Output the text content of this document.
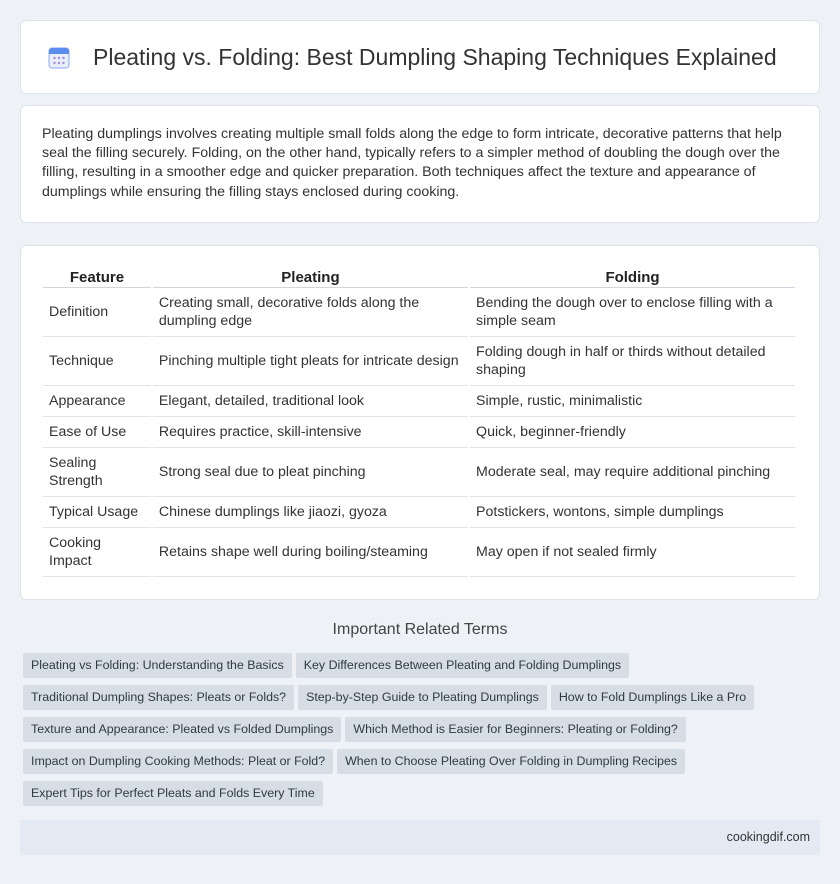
Pleating vs. Folding: Best Dumpling Shaping Techniques Explained

Pleating dumplings involves creating multiple small folds along the edge to form intricate, decorative patterns that help seal the filling securely. Folding, on the other hand, typically refers to a simpler method of doubling the dough over the filling, resulting in a smoother edge and quicker preparation. Both techniques affect the texture and appearance of dumplings while ensuring the filling stays enclosed during cooking.

Feature	Pleating	Folding
Definition	Creating small, decorative folds along the dumpling edge	Bending the dough over to enclose filling with a simple seam
Technique	Pinching multiple tight pleats for intricate design	Folding dough in half or thirds without detailed shaping
Appearance	Elegant, detailed, traditional look	Simple, rustic, minimalistic
Ease of Use	Requires practice, skill-intensive	Quick, beginner-friendly
Sealing Strength	Strong seal due to pleat pinching	Moderate seal, may require additional pinching
Typical Usage	Chinese dumplings like jiaozi, gyoza	Potstickers, wontons, simple dumplings
Cooking Impact	Retains shape well during boiling/steaming	May open if not sealed firmly
Important Related Terms
Pleating vs Folding: Understanding the Basics Key Differences Between Pleating and Folding Dumplings
Traditional Dumpling Shapes: Pleats or Folds? Step-by-Step Guide to Pleating Dumplings How to Fold Dumplings Like a Pro
Texture and Appearance: Pleated vs Folded Dumplings Which Method is Easier for Beginners: Pleating or Folding?
Impact on Dumpling Cooking Methods: Pleat or Fold? When to Choose Pleating Over Folding in Dumpling Recipes
Expert Tips for Perfect Pleats and Folds Every Time
cookingdif.com
